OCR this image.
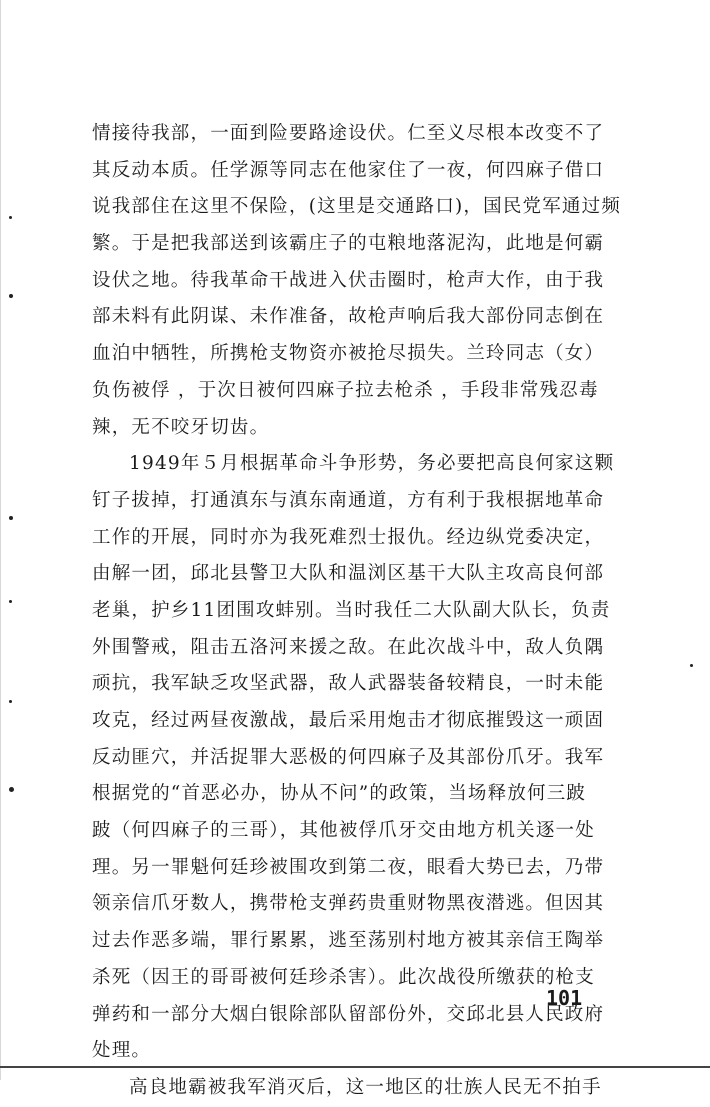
情接待我部，一面到险要路途设伏。仁至义尽根本改变不了
其反动本质。任学源等同志在他家住了一夜，何四麻子借口
说我部住在这里不保险，(这里是交通路口)，国民党军通过频
繁。于是把我部送到该霸庄子的屯粮地落泥沟，此地是何霸
设伏之地。待我革命干战进入伏击圈时，枪声大作，由于我
部未料有此阴谋、未作准备，故枪声响后我大部份同志倒在
血泊中牺牲，所携枪支物资亦被抢尽损失。兰玲同志（女）
负伤被俘 ，于次日被何四麻子拉去枪杀 ，手段非常残忍毒
辣，无不咬牙切齿。
1949年５月根据革命斗争形势，务必要把高良何家这颗
钉子拔掉，打通滇东与滇东南通道，方有利于我根据地革命
工作的开展，同时亦为我死难烈士报仇。经边纵党委决定，
由解一团，邱北县警卫大队和温浏区基干大队主攻高良何部
老巢，护乡11团围攻蚌别。当时我任二大队副大队长，负责
外围警戒，阻击五洛河来援之敌。在此次战斗中，敌人负隅
顽抗，我军缺乏攻坚武器，敌人武器装备较精良，一时未能
攻克，经过两昼夜激战，最后采用炮击才彻底摧毁这一顽固
反动匪穴，并活捉罪大恶极的何四麻子及其部份爪牙。我军
根据党的“首恶必办，协从不问”的政策，当场释放何三跛
跛（何四麻子的三哥），其他被俘爪牙交由地方机关逐一处
理。另一罪魁何廷珍被围攻到第二夜，眼看大势已去，乃带
领亲信爪牙数人，携带枪支弹药贵重财物黑夜潜逃。但因其
过去作恶多端，罪行累累，逃至荡别村地方被其亲信王陶举
杀死（因王的哥哥被何廷珍杀害）。此次战役所缴获的枪支
弹药和一部分大烟白银除部队留部份外，交邱北县人民政府
处理。
高良地霸被我军消灭后，这一地区的壮族人民无不拍手
101
